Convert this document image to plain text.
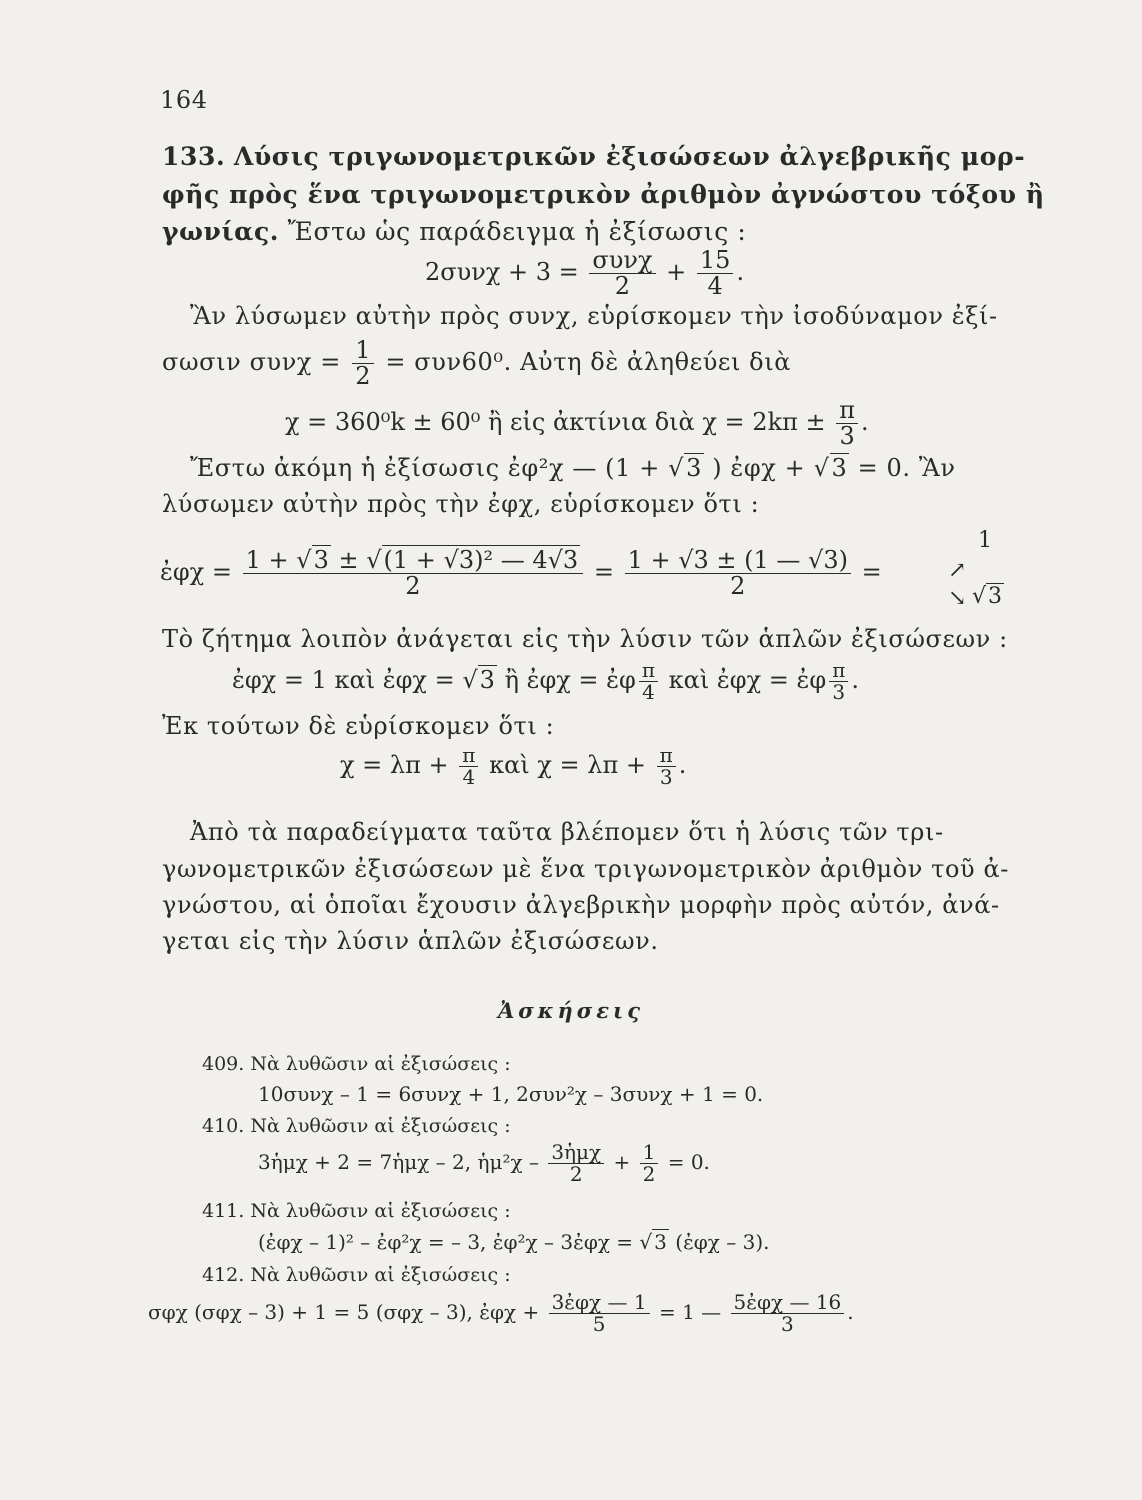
164
133. Λύσις τριγωνομετρικῶν ἐξισώσεων ἀλγεβρικῆς μορ-
φῆς πρὸς ἕνα τριγωνομετρικὸν ἀριθμὸν ἀγνώστου τόξου ἢ
γωνίας. Ἔστω ὡς παράδειγμα ἡ ἐξίσωσις :
$2\sigma\upsilon\nu\chi + 3 = \frac{\text{συνχ}}{2} + \frac{15}{4}$ .
Ἂν λύσωμεν αὐτὴν πρὸς συνχ, εὑρίσκομεν τὴν ἰσοδύναμον ἐξί-
σωσιν $\sigma\upsilon\nu\chi = \frac{1}{2} = \sigma\upsilon\nu 60^0$. Αὐτη δὲ ἀληθεύει διὰ
χ = 360⁰k ± 60⁰ ἢ εἰς ἀκτίνια διὰ $\chi = 2k\pi \pm \frac{\pi}{3}$ .
Ἔστω ἀκόμη ἡ ἐξίσωσις ἐφ²χ — (1 + √3 ) ἐφχ + √3 = 0. Ἂν
λύσωμεν αὐτὴν πρὸς τὴν ἐφχ, εὑρίσκομεν ὅτι :
ἐφχ = $\frac{\text{1 + √3 ± √(1 + √3)² — 4√3}}{2} = \frac{1 + √3 \pm (1 — √3)}{2}$ =
1
↗
↘ √3
Τὸ ζήτημα λοιπὸν ἀνάγεται εἰς τὴν λύσιν τῶν ἁπλῶν ἐξισώσεων :
ἐφχ = 1 καὶ ἐφχ = √3 ἢ ἐφχ = ἐφ $\frac{\pi}{4}$ καὶ ἐφχ = ἐφ $\frac{\pi}{3}$ .
Ἐκ τούτων δὲ εὑρίσκομεν ὅτι :
$\chi = \lambda\pi + \frac{\pi}{4}$ καὶ $\chi = \lambda\pi + \frac{\pi}{3}$ .
Ἀπὸ τὰ παραδείγματα ταῦτα βλέπομεν ὅτι ἡ λύσις τῶν τρι-
γωνομετρικῶν ἐξισώσεων μὲ ἕνα τριγωνομετρικὸν ἀριθμὸν τοῦ ἀ-
γνώστου, αἱ ὁποῖαι ἔχουσιν ἀλγεβρικὴν μορφὴν πρὸς αὐτόν, ἀνά-
γεται εἰς τὴν λύσιν ἁπλῶν ἐξισώσεων.
Ἀσκήσεις
409. Νὰ λυθῶσιν αἱ ἐξισώσεις :
10συνχ – 1 = 6συνχ + 1, 2συν²χ – 3συνχ + 1 = 0.
410. Νὰ λυθῶσιν αἱ ἐξισώσεις :
3ἡμχ + 2 = 7ἡμχ – 2, ἡμ²χ – $\frac{\text{3ἡμχ}}{2} + \frac{1}{2} = 0$.
411. Νὰ λυθῶσιν αἱ ἐξισώσεις :
(ἐφχ – 1)² – ἐφ²χ = – 3, ἐφ²χ – 3ἐφχ = √ 3 (ἐφχ – 3).
412. Νὰ λυθῶσιν αἱ ἐξισώσεις :
σφχ (σφχ – 3) + 1 = 5 (σφχ – 3), ἐφχ + $\frac{\text{3ἐφχ — 1}}{5} = 1$ — $\frac{\text{5ἐφχ — 16}}{3}$ .
